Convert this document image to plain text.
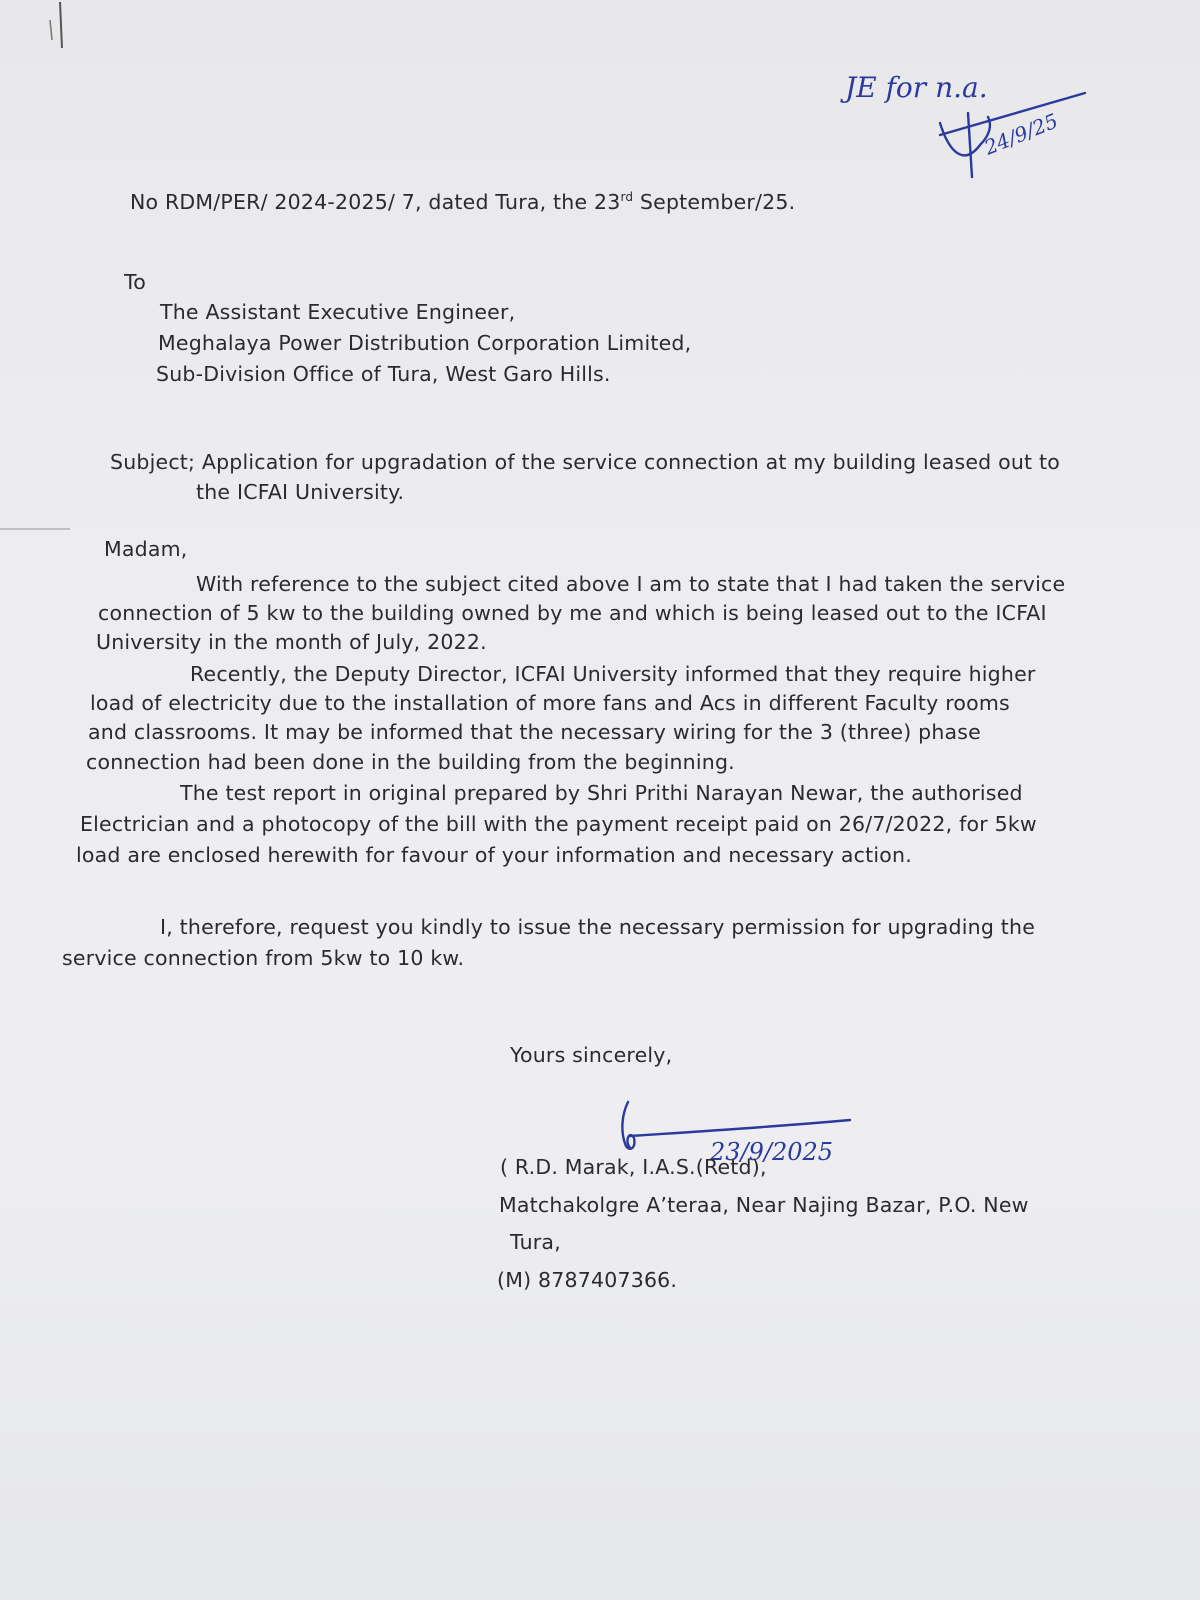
JE for n.a.
24/9/25
No RDM/PER/ 2024-2025/ 7, dated Tura, the 23rd September/25.
To
The Assistant Executive Engineer,
Meghalaya Power Distribution Corporation Limited,
Sub-Division Office of Tura, West Garo Hills.
Subject; Application for upgradation of the service connection at my building leased out to
the ICFAI University.
Madam,
With reference to the subject cited above I am to state that I had taken the service
connection of 5 kw to the building owned by me and which is being leased out to the ICFAI
University in the month of July, 2022.
Recently, the Deputy Director, ICFAI University informed that they require higher
load of electricity due to the installation of more fans and Acs in different Faculty rooms
and classrooms. It may be informed that the necessary wiring for the 3 (three) phase
connection had been done in the building from the beginning.
The test report in original prepared by Shri Prithi Narayan Newar, the authorised
Electrician and a photocopy of the bill with the payment receipt paid on 26/7/2022, for 5kw
load are enclosed herewith for favour of your information and necessary action.
I, therefore, request you kindly to issue the necessary permission for upgrading the
service connection from 5kw to 10 kw.
Yours sincerely,
23/9/2025
( R.D. Marak, I.A.S.(Retd),
Matchakolgre A’teraa, Near Najing Bazar, P.O. New
Tura,
(M) 8787407366.
